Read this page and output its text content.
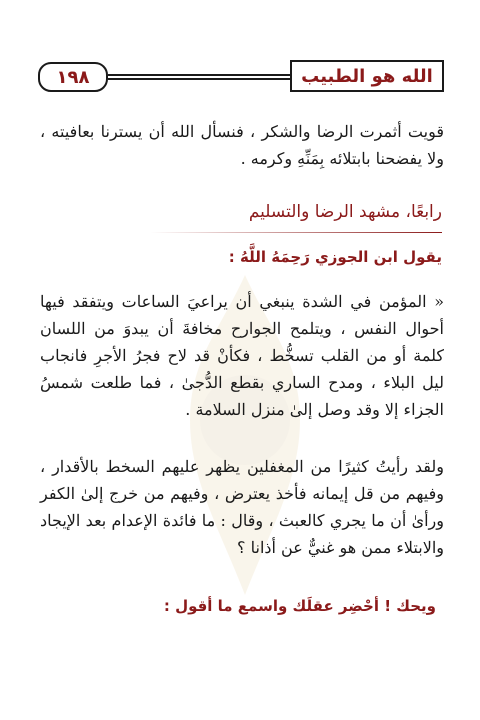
١٩٨	الله هو الطبيب
قويت أثمرت الرضا والشكر ، فنسأل الله أن يسترنا بعافيته ، ولا يفضحنا بابتلائه بِمَنِّهِ وكرمه .
رابعًا، مشهد الرضا والتسليم
يقول ابن الجوزي رَحِمَهُ اللَّهُ :
« المؤمن في الشدة ينبغي أن يراعيَ الساعات ويتفقد فيها أحوال النفس ، ويتلمح الجوارح مخافةَ أن يبدوَ من اللسان كلمة أو من القلب تسخُّط ، فكأنْ قد لاح فجرُ الأجرِ فانجاب ليل البلاء ، ومدح الساري بقطع الدُّجىٰ ، فما طلعت شمسُ الجزاء إلا وقد وصل إلىٰ منزل السلامة .
ولقد رأيتُ كثيرًا من المغفلين يظهر عليهم السخط بالأقدار ، وفيهم من قل إيمانه فأخذ يعترض ، وفيهم من خرج إلىٰ الكفر ورأىٰ أن ما يجري كالعبث ، وقال : ما فائدة الإعدام بعد الإيجاد والابتلاء ممن هو غنيٌّ عن أذانا ؟
ويحك ! أحْضِر عقلَك واسمع ما أقول :
